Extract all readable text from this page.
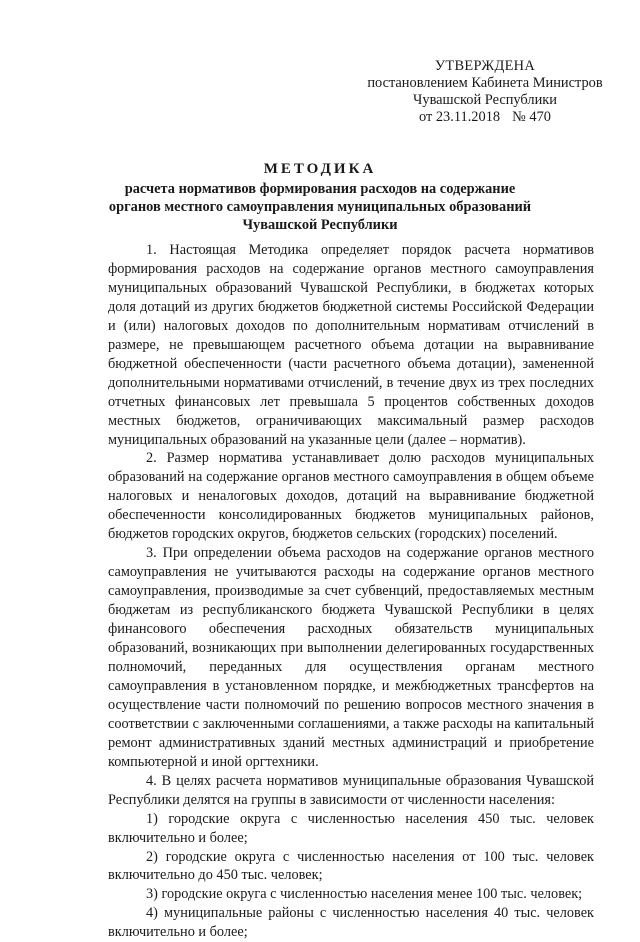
УТВЕРЖДЕНА
постановлением Кабинета Министров
Чувашской Республики
от 23.11.2018 № 470
МЕТОДИКА
расчета нормативов формирования расходов на содержание
органов местного самоуправления муниципальных образований
Чувашской Республики

1. Настоящая Методика определяет порядок расчета нормативов формирования расходов на содержание органов местного самоуправления муниципальных образований Чувашской Республики, в бюджетах которых доля дотаций из других бюджетов бюджетной системы Российской Федерации и (или) налоговых доходов по дополнительным нормативам отчислений в размере, не превышающем расчетного объема дотации на выравнивание бюджетной обеспеченности (части расчетного объема дотации), замененной дополнительными нормативами отчислений, в течение двух из трех последних отчетных финансовых лет превышала 5 процентов собственных доходов местных бюджетов, ограничивающих максимальный размер расходов муниципальных образований на указанные цели (далее – норматив).

2. Размер норматива устанавливает долю расходов муниципальных образований на содержание органов местного самоуправления в общем объеме налоговых и неналоговых доходов, дотаций на выравнивание бюджетной обеспеченности консолидированных бюджетов муниципальных районов, бюджетов городских округов, бюджетов сельских (городских) поселений.

3. При определении объема расходов на содержание органов местного самоуправления не учитываются расходы на содержание органов местного самоуправления, производимые за счет субвенций, предоставляемых местным бюджетам из республиканского бюджета Чувашской Республики в целях финансового обеспечения расходных обязательств муниципальных образований, возникающих при выполнении делегированных государственных полномочий, переданных для осуществления органам местного самоуправления в установленном порядке, и межбюджетных трансфертов на осуществление части полномочий по решению вопросов местного значения в соответствии с заключенными соглашениями, а также расходы на капитальный ремонт административных зданий местных администраций и приобретение компьютерной и иной оргтехники.

4. В целях расчета нормативов муниципальные образования Чувашской Республики делятся на группы в зависимости от численности населения:

1) городские округа с численностью населения 450 тыс. человек включительно и более;

2) городские округа с численностью населения от 100 тыс. человек включительно до 450 тыс. человек;

3) городские округа с численностью населения менее 100 тыс. человек;

4) муниципальные районы с численностью населения 40 тыс. человек включительно и более;
